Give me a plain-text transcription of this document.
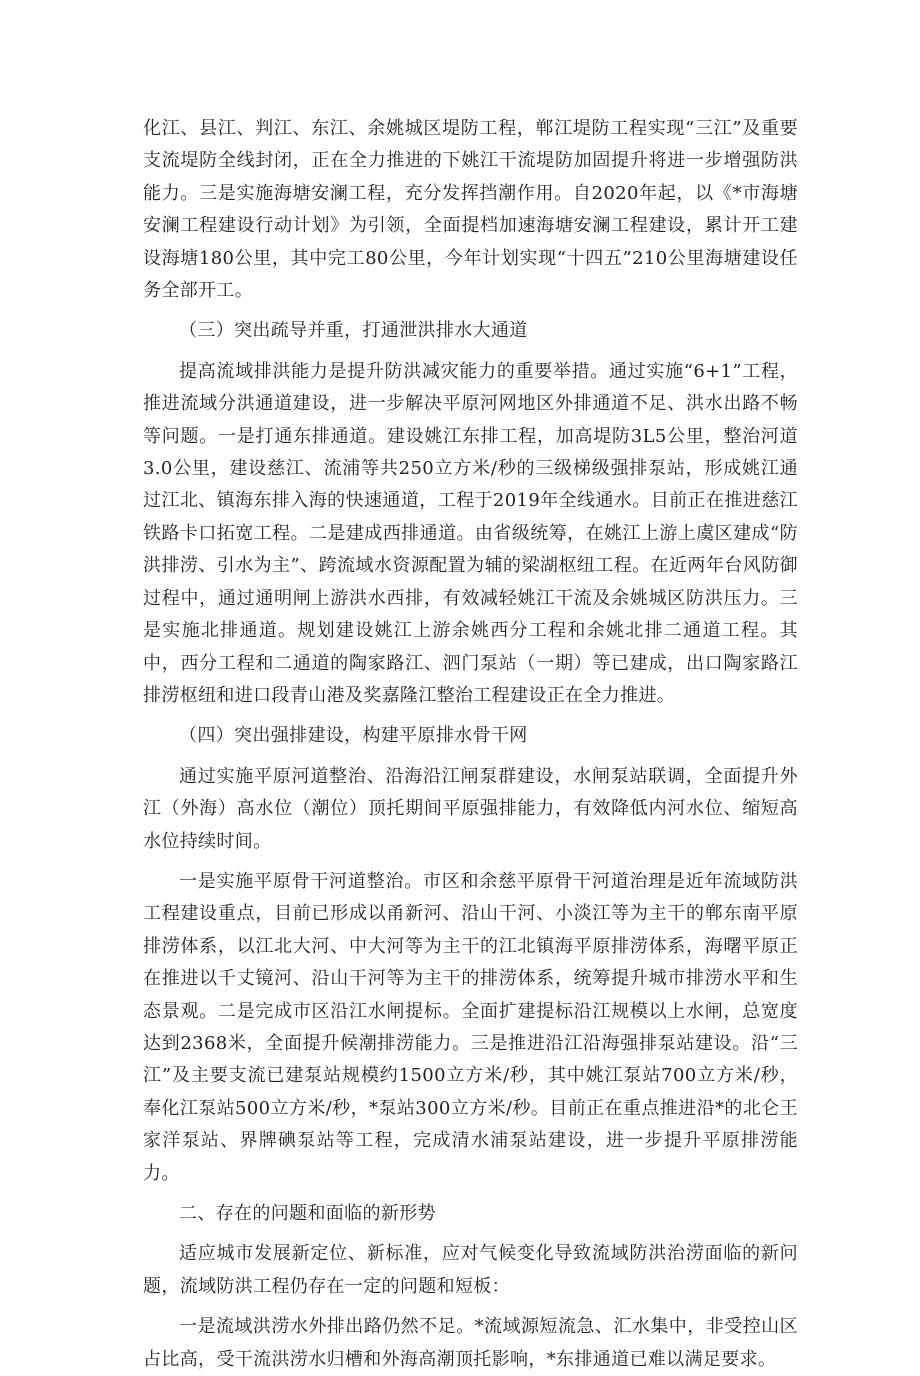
化江、县江、判江、东江、余姚城区堤防工程，郸江堤防工程实现“三江”及重要支流堤防全线封闭，正在全力推进的下姚江干流堤防加固提升将进一步增强防洪能力。三是实施海塘安澜工程，充分发挥挡潮作用。自2020年起，以《*市海塘安澜工程建设行动计划》为引领，全面提档加速海塘安澜工程建设，累计开工建设海塘180公里，其中完工80公里，今年计划实现“十四五”210公里海塘建设任务全部开工。

（三）突出疏导并重，打通泄洪排水大通道

提高流域排洪能力是提升防洪减灾能力的重要举措。通过实施“6+1”工程，推进流域分洪通道建设，进一步解决平原河网地区外排通道不足、洪水出路不畅等问题。一是打通东排通道。建设姚江东排工程，加高堤防3L5公里，整治河道3.0公里，建设慈江、流浦等共250立方米/秒的三级梯级强排泵站，形成姚江通过江北、镇海东排入海的快速通道，工程于2019年全线通水。目前正在推进慈江铁路卡口拓宽工程。二是建成西排通道。由省级统筹，在姚江上游上虞区建成“防洪排涝、引水为主”、跨流域水资源配置为辅的梁湖枢纽工程。在近两年台风防御过程中，通过通明闸上游洪水西排，有效减轻姚江干流及余姚城区防洪压力。三是实施北排通道。规划建设姚江上游余姚西分工程和余姚北排二通道工程。其中，西分工程和二通道的陶家路江、泗门泵站（一期）等已建成，出口陶家路江排涝枢纽和进口段青山港及奖嘉隆江整治工程建设正在全力推进。

（四）突出强排建设，构建平原排水骨干网

通过实施平原河道整治、沿海沿江闸泵群建设，水闸泵站联调，全面提升外江（外海）高水位（潮位）顶托期间平原强排能力，有效降低内河水位、缩短高水位持续时间。

一是实施平原骨干河道整治。市区和余慈平原骨干河道治理是近年流域防洪工程建设重点，目前已形成以甬新河、沿山干河、小淡江等为主干的郸东南平原排涝体系，以江北大河、中大河等为主干的江北镇海平原排涝体系，海曙平原正在推进以千丈镜河、沿山干河等为主干的排涝体系，统筹提升城市排涝水平和生态景观。二是完成市区沿江水闸提标。全面扩建提标沿江规模以上水闸，总宽度达到2368米，全面提升候潮排涝能力。三是推进沿江沿海强排泵站建设。沿“三江”及主要支流已建泵站规模约1500立方米/秒，其中姚江泵站700立方米/秒，奉化江泵站500立方米/秒，*泵站300立方米/秒。目前正在重点推进沿*的北仑王家洋泵站、界牌碘泵站等工程，完成清水浦泵站建设，进一步提升平原排涝能力。

二、存在的问题和面临的新形势

适应城市发展新定位、新标准，应对气候变化导致流域防洪治涝面临的新问题，流域防洪工程仍存在一定的问题和短板：

一是流域洪涝水外排出路仍然不足。*流域源短流急、汇水集中，非受控山区占比高，受干流洪涝水归槽和外海高潮顶托影响，*东排通道已难以满足要求。
